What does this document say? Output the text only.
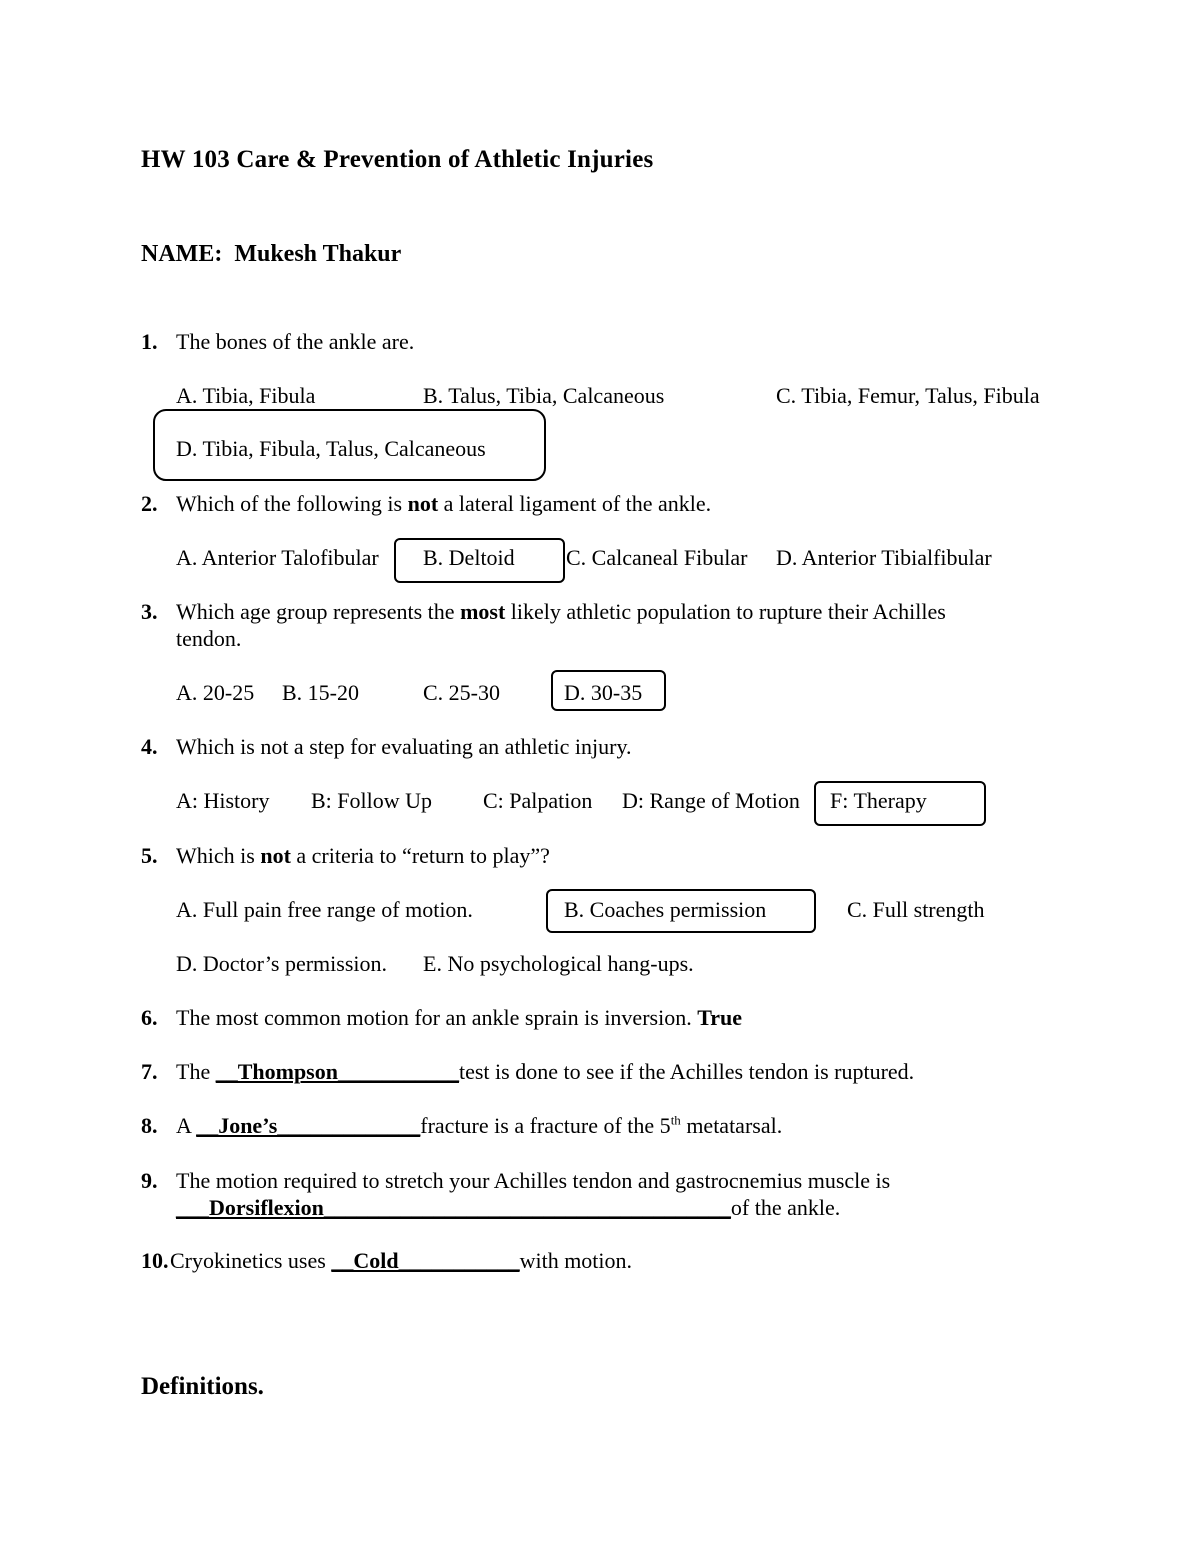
HW 103 Care & Prevention of Athletic Injuries
NAME: Mukesh Thakur
1. The bones of the ankle are.
A. Tibia, Fibula	B. Talus, Tibia, Calcaneous	C. Tibia, Femur, Talus, Fibula
D. Tibia, Fibula, Talus, Calcaneous
2. Which of the following is not a lateral ligament of the ankle.
A. Anterior Talofibular B. Deltoid C. Calcaneal Fibular D. Anterior Tibialfibular
3. Which age group represents the most likely athletic population to rupture their Achilles
tendon.
A. 20-25 B. 15-20	C. 25-30	D. 30-35
4. Which is not a step for evaluating an athletic injury.
A: History B: Follow Up C: Palpation D: Range of Motion F: Therapy
5. Which is not a criteria to “return to play”?
A. Full pain free range of motion.	B. Coaches permission	C. Full strength
D. Doctor’s permission. E. No psychological hang-ups.
6. The most common motion for an ankle sprain is inversion. True
7. The __Thompson___________test is done to see if the Achilles tendon is ruptured.
8. A __Jone’s_____________fracture is a fracture of the 5th metatarsal.
9. The motion required to stretch your Achilles tendon and gastrocnemius muscle is
___Dorsiflexion_____________________________________of the ankle.
10. Cryokinetics uses __Cold___________with motion.
Definitions.
